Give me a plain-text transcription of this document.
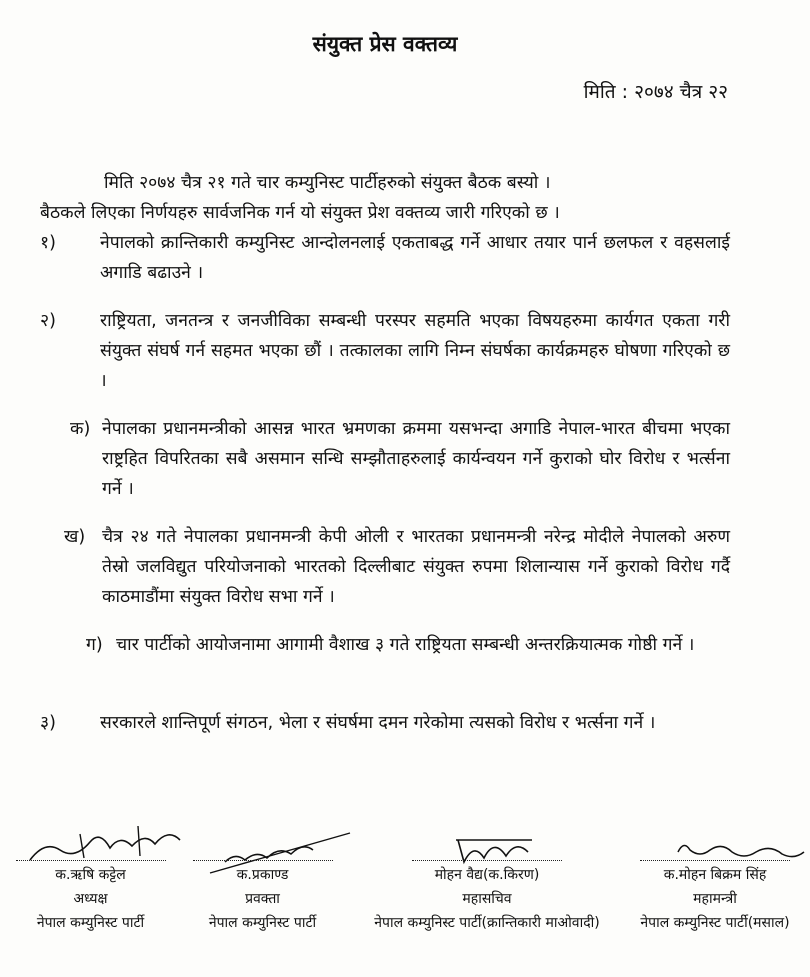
संयुक्त प्रेस वक्तव्य
मिति : २०७४ चैत्र २२
मिति २०७४ चैत्र २१ गते चार कम्युनिस्ट पार्टीहरुको संयुक्त बैठक बस्यो ।
बैठकले लिएका निर्णयहरु सार्वजनिक गर्न यो संयुक्त प्रेश वक्तव्य जारी गरिएको छ ।
१)	नेपालको क्रान्तिकारी कम्युनिस्ट आन्दोलनलाई एकताबद्ध गर्ने आधार तयार पार्न छलफल र वहसलाई अगाडि बढाउने ।
२)	राष्ट्रियता, जनतन्त्र र जनजीविका सम्बन्धी परस्पर सहमति भएका विषयहरुमा कार्यगत एकता गरी संयुक्त संघर्ष गर्न सहमत भएका छौं । तत्कालका लागि निम्न संघर्षका कार्यक्रमहरु घोषणा गरिएको छ ।
क) नेपालका प्रधानमन्त्रीको आसन्न भारत भ्रमणका क्रममा यसभन्दा अगाडि नेपाल-भारत बीचमा भएका राष्ट्रहित विपरितका सबै असमान सन्धि सम्झौताहरुलाई कार्यन्वयन गर्ने कुराको घोर विरोध र भर्त्सना गर्ने ।
ख) चैत्र २४ गते नेपालका प्रधानमन्त्री केपी ओली र भारतका प्रधानमन्त्री नरेन्द्र मोदीले नेपालको अरुण तेस्रो जलविद्युत परियोजनाको भारतको दिल्लीबाट संयुक्त रुपमा शिलान्यास गर्ने कुराको विरोध गर्दै काठमाडौंमा संयुक्त विरोध सभा गर्ने ।
ग) चार पार्टीको आयोजनामा आगामी वैशाख ३ गते राष्ट्रियता सम्बन्धी अन्तरक्रियात्मक गोष्ठी गर्ने ।
३)	सरकारले शान्तिपूर्ण संगठन, भेला र संघर्षमा दमन गरेकोमा त्यसको विरोध र भर्त्सना गर्ने ।
क.ऋषि कट्टेल
अध्यक्ष
नेपाल कम्युनिस्ट पार्टी
क.प्रकाण्ड
प्रवक्ता
नेपाल कम्युनिस्ट पार्टी
मोहन वैद्य(क.किरण)
महासचिव
नेपाल कम्युनिस्ट पार्टी(क्रान्तिकारी माओवादी)
क.मोहन बिक्रम सिंह
महामन्त्री
नेपाल कम्युनिस्ट पार्टी(मसाल)
